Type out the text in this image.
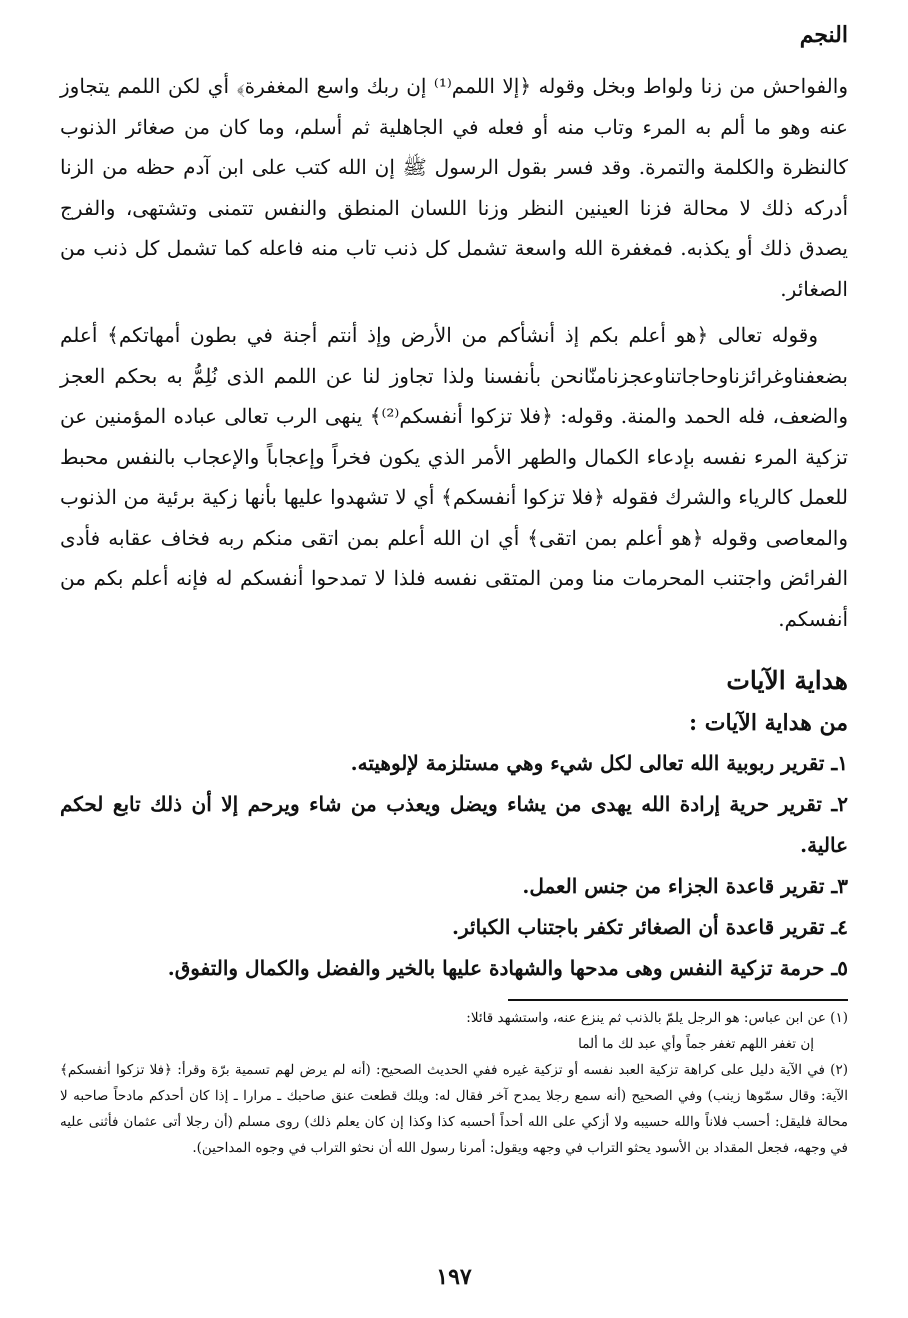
النجم

والفواحش من زنا ولواط وبخل وقوله ﴿إلا اللمم⁽¹⁾ إن ربك واسع المغفرة﴾ أي لكن اللمم يتجاوز عنه وهو ما ألم به المرء وتاب منه أو فعله في الجاهلية ثم أسلم، وما كان من صغائر الذنوب كالنظرة والكلمة والتمرة. وقد فسر بقول الرسول ﷺ إن الله كتب على ابن آدم حظه من الزنا أدركه ذلك لا محالة فزنا العينين النظر وزنا اللسان المنطق والنفس تتمنى وتشتهى، والفرج يصدق ذلك أو يكذبه. فمغفرة الله واسعة تشمل كل ذنب تاب منه فاعله كما تشمل كل ذنب من الصغائر.

وقوله تعالى ﴿هو أعلم بكم إذ أنشأكم من الأرض وإذ أنتم أجنة في بطون أمهاتكم﴾ أعلم بضعفناوغرائزناوحاجاتناوعجزنامنّانحن بأنفسنا ولذا تجاوز لنا عن اللمم الذى نُلِمُّ به بحكم العجز والضعف، فله الحمد والمنة. وقوله: ﴿فلا تزكوا أنفسكم⁽²⁾﴾ ينهى الرب تعالى عباده المؤمنين عن تزكية المرء نفسه بإدعاء الكمال والطهر الأمر الذي يكون فخراً وإعجاباً والإعجاب بالنفس محبط للعمل كالرياء والشرك فقوله ﴿فلا تزكوا أنفسكم﴾ أي لا تشهدوا عليها بأنها زكية برئية من الذنوب والمعاصى وقوله ﴿هو أعلم بمن اتقى﴾ أي ان الله أعلم بمن اتقى منكم ربه فخاف عقابه فأدى الفرائض واجتنب المحرمات منا ومن المتقى نفسه فلذا لا تمدحوا أنفسكم له فإنه أعلم بكم من أنفسكم.

هداية الآيات
من هداية الآيات :

١ـ تقرير ربوبية الله تعالى لكل شيء وهي مستلزمة لإلوهيته.

٢ـ تقرير حرية إرادة الله يهدى من يشاء ويضل ويعذب من شاء ويرحم إلا أن ذلك تابع لحكم عالية.

٣ـ تقرير قاعدة الجزاء من جنس العمل.

٤ـ تقرير قاعدة أن الصغائر تكفر باجتناب الكبائر.

٥ـ حرمة تزكية النفس وهى مدحها والشهادة عليها بالخير والفضل والكمال والتفوق.

(١) عن ابن عباس: هو الرجل يلمّ بالذنب ثم ينزع عنه، واستشهد قائلا:

إن تغفر اللهم تغفر جماً وأي عبد لك ما ألما

(٢) في الآية دليل على كراهة تزكية العبد نفسه أو تزكية غيره ففي الحديث الصحيح: (أنه لم يرض لهم تسمية برّة وقرأ: ﴿فلا تزكوا أنفسكم﴾ الآية: وقال سمّوها زينب) وفي الصحيح (أنه سمع رجلا يمدح آخر فقال له: ويلك قطعت عنق صاحبك ـ مرارا ـ إذا كان أحدكم مادحاً صاحبه لا محالة فليقل: أحسب فلاناً والله حسيبه ولا أزكي على الله أحداً أحسبه كذا وكذا إن كان يعلم ذلك) روى مسلم (أن رجلا أتى عثمان فأثنى عليه في وجهه، فجعل المقداد بن الأسود يحثو التراب في وجهه ويقول: أمرنا رسول الله أن نحثو التراب في وجوه المداحين).

١٩٧
